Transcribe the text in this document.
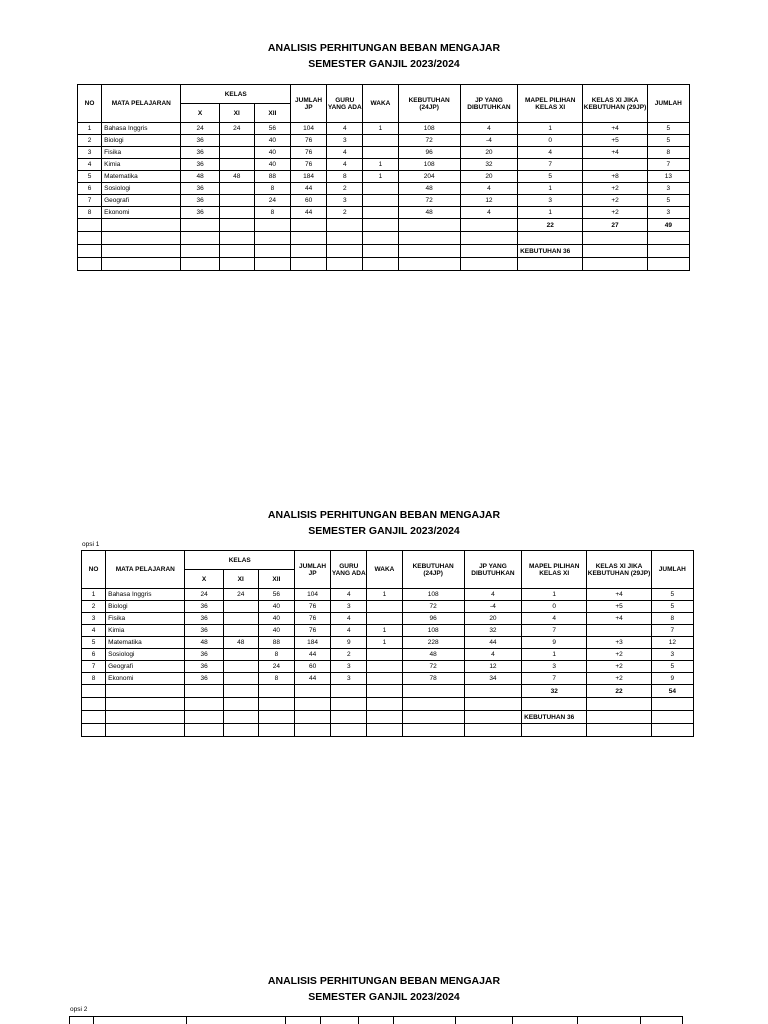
ANALISIS PERHITUNGAN BEBAN MENGAJAR
SEMESTER GANJIL 2023/2024
NO	MATA PELAJARAN	KELAS			JUMLAH JP	GURU YANG ADA	WAKA	KEBUTUHAN (24JP)	JP YANG DIBUTUHKAN	MAPEL PILIHAN KELAS XI	KELAS XI JIKA KEBUTUHAN (29JP)	JUMLAH
		X	XI	XII								
1	Bahasa Inggris	24	24	56	104	4	1	108	4	1	+4	5
2	Biologi	36		40	76	3		72	-4	0	+5	5
3	Fisika	36		40	76	4		96	20	4	+4	8
4	Kimia	36		40	76	4	1	108	32	7		7
5	Matematika	48	48	88	184	8	1	204	20	5	+8	13
6	Sosiologi	36		8	44	2		48	4	1	+2	3
7	Geografi	36		24	60	3		72	12	3	+2	5
8	Ekonomi	36		8	44	2		48	4	1	+2	3
										22	27	49

										KEBUTUHAN 36		

ANALISIS PERHITUNGAN BEBAN MENGAJAR
SEMESTER GANJIL 2023/2024
opsi 1
NO	MATA PELAJARAN	KELAS			JUMLAH JP	GURU YANG ADA	WAKA	KEBUTUHAN (24JP)	JP YANG DIBUTUHKAN	MAPEL PILIHAN KELAS XI	KELAS XI JIKA KEBUTUHAN (29JP)	JUMLAH
		X	XI	XII								
1	Bahasa Inggris	24	24	56	104	4	1	108	4	1	+4	5
2	Biologi	36		40	76	3		72	-4	0	+5	5
3	Fisika	36		40	76	4		96	20	4	+4	8
4	Kimia	36		40	76	4	1	108	32	7		7
5	Matematika	48	48	88	184	9	1	228	44	9	+3	12
6	Sosiologi	36		8	44	2		48	4	1	+2	3
7	Geografi	36		24	60	3		72	12	3	+2	5
8	Ekonomi	36		8	44	3		78	34	7	+2	9
										32	22	54

										KEBUTUHAN 36		

ANALISIS PERHITUNGAN BEBAN MENGAJAR
SEMESTER GANJIL 2023/2024
opsi 2
